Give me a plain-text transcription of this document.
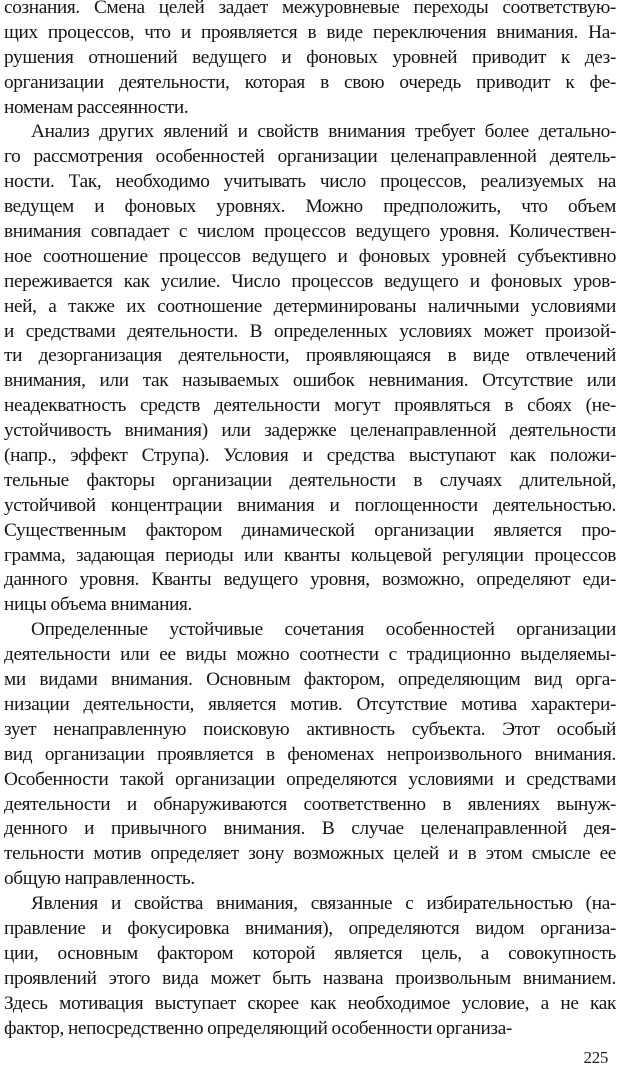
сознания. Смена целей задает межуровневые переходы соответствую-
щих процессов, что и проявляется в виде переключения внимания. На-
рушения отношений ведущего и фоновых уровней приводит к дез-
организации деятельности, которая в свою очередь приводит к фе-
номенам рассеянности.
Анализ других явлений и свойств внимания требует более детально-
го рассмотрения особенностей организации целенаправленной деятель-
ности. Так, необходимо учитывать число процессов, реализуемых на
ведущем и фоновых уровнях. Можно предположить, что объем
внимания совпадает с числом процессов ведущего уровня. Количествен-
ное соотношение процессов ведущего и фоновых уровней субъективно
переживается как усилие. Число процессов ведущего и фоновых уров-
ней, а также их соотношение детерминированы наличными условиями
и средствами деятельности. В определенных условиях может произой-
ти дезорганизация деятельности, проявляющаяся в виде отвлечений
внимания, или так называемых ошибок невнимания. Отсутствие или
неадекватность средств деятельности могут проявляться в сбоях (не-
устойчивость внимания) или задержке целенаправленной деятельности
(напр., эффект Струпа). Условия и средства выступают как положи-
тельные факторы организации деятельности в случаях длительной,
устойчивой концентрации внимания и поглощенности деятельностью.
Существенным фактором динамической организации является про-
грамма, задающая периоды или кванты кольцевой регуляции процессов
данного уровня. Кванты ведущего уровня, возможно, определяют еди-
ницы объема внимания.
Определенные устойчивые сочетания особенностей организации
деятельности или ее виды можно соотнести с традиционно выделяемы-
ми видами внимания. Основным фактором, определяющим вид орга-
низации деятельности, является мотив. Отсутствие мотива характери-
зует ненаправленную поисковую активность субъекта. Этот особый
вид организации проявляется в феноменах непроизвольного внимания.
Особенности такой организации определяются условиями и средствами
деятельности и обнаруживаются соответственно в явлениях вынуж-
денного и привычного внимания. В случае целенаправленной дея-
тельности мотив определяет зону возможных целей и в этом смысле ее
общую направленность.
Явления и свойства внимания, связанные с избирательностью (на-
правление и фокусировка внимания), определяются видом организа-
ции, основным фактором которой является цель, а совокупность
проявлений этого вида может быть названа произвольным вниманием.
Здесь мотивация выступает скорее как необходимое условие, а не как
фактор, непосредственно определяющий особенности организа-
225
